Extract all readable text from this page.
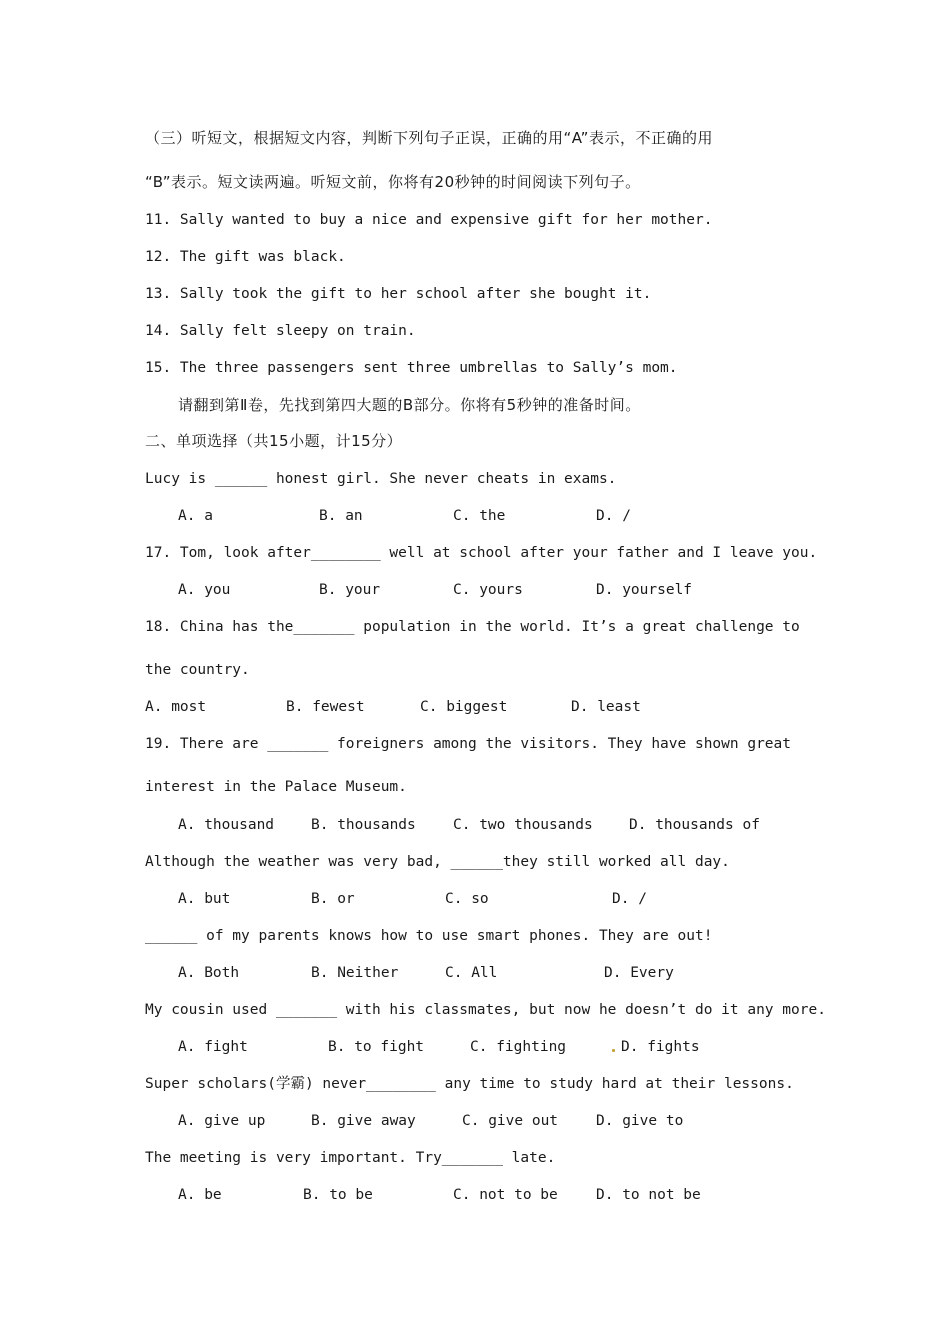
（三）听短文，根据短文内容，判断下列句子正误，正确的用“A”表示，不正确的用
“B”表示。短文读两遍。听短文前，你将有20秒钟的时间阅读下列句子。
11. Sally wanted to buy a nice and expensive gift for her mother.
12. The gift was black.
13. Sally took the gift to her school after she bought it.
14. Sally felt sleepy on train.
15. The three passengers sent three umbrellas to Sally’s mom.
请翻到第Ⅱ卷，先找到第四大题的B部分。你将有5秒钟的准备时间。
二、单项选择（共15小题，计15分）
Lucy is ______ honest girl. She never cheats in exams.
A. a	B. an	C. the	D. /
17. Tom, look after________ well at school after your father and I leave you.
A. you	B. your	C. yours	D. yourself
18. China has the_______ population in the world. It’s a great challenge to
the country.
A. most	B. fewest	C. biggest	D. least
19. There are _______ foreigners among the visitors. They have shown great
interest in the Palace Museum.
A. thousand	B. thousands	C. two thousands	D. thousands of
Although the weather was very bad, ______they still worked all day.
A. but	B. or	C. so	D. /
______ of my parents knows how to use smart phones. They are out!
A. Both	B. Neither	C. All	D. Every
My cousin used _______ with his classmates, but now he doesn’t do it any more.
A. fight	B. to fight	C. fighting	D. fights
Super scholars(学霸) never________ any time to study hard at their lessons.
A. give up	B. give away	C. give out	D. give to
The meeting is very important. Try_______ late.
A. be	B. to be	C. not to be	D. to not be
